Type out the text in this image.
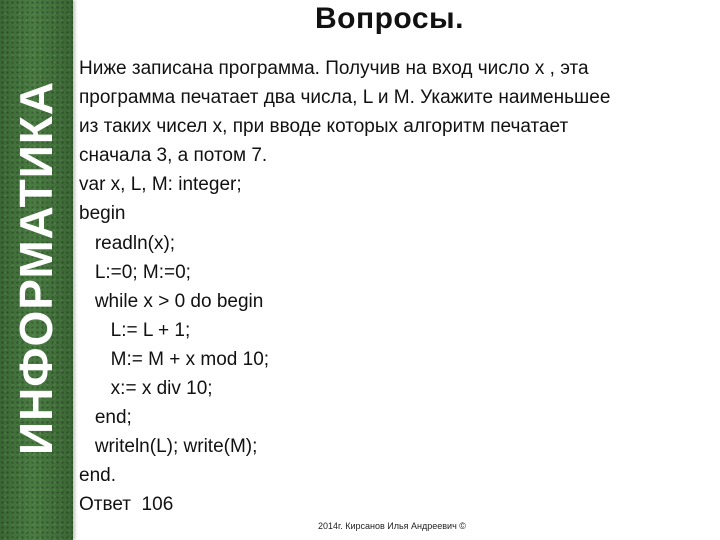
ИНФОРМАТИКА
Вопросы.
Ниже записана программа. Получив на вход число x , эта
программа печатает два числа, L и M. Укажите наименьшее
из таких чисел x, при вводе которых алгоритм печатает
сначала 3, а потом 7.
var x, L, M: integer;
begin
readln(x);
L:=0; M:=0;
while x > 0 do begin
L:= L + 1;
M:= M + x mod 10;
x:= x div 10;
end;
writeln(L); write(M);
end.
Ответ  106
2014г. Кирсанов Илья Андреевич ©
